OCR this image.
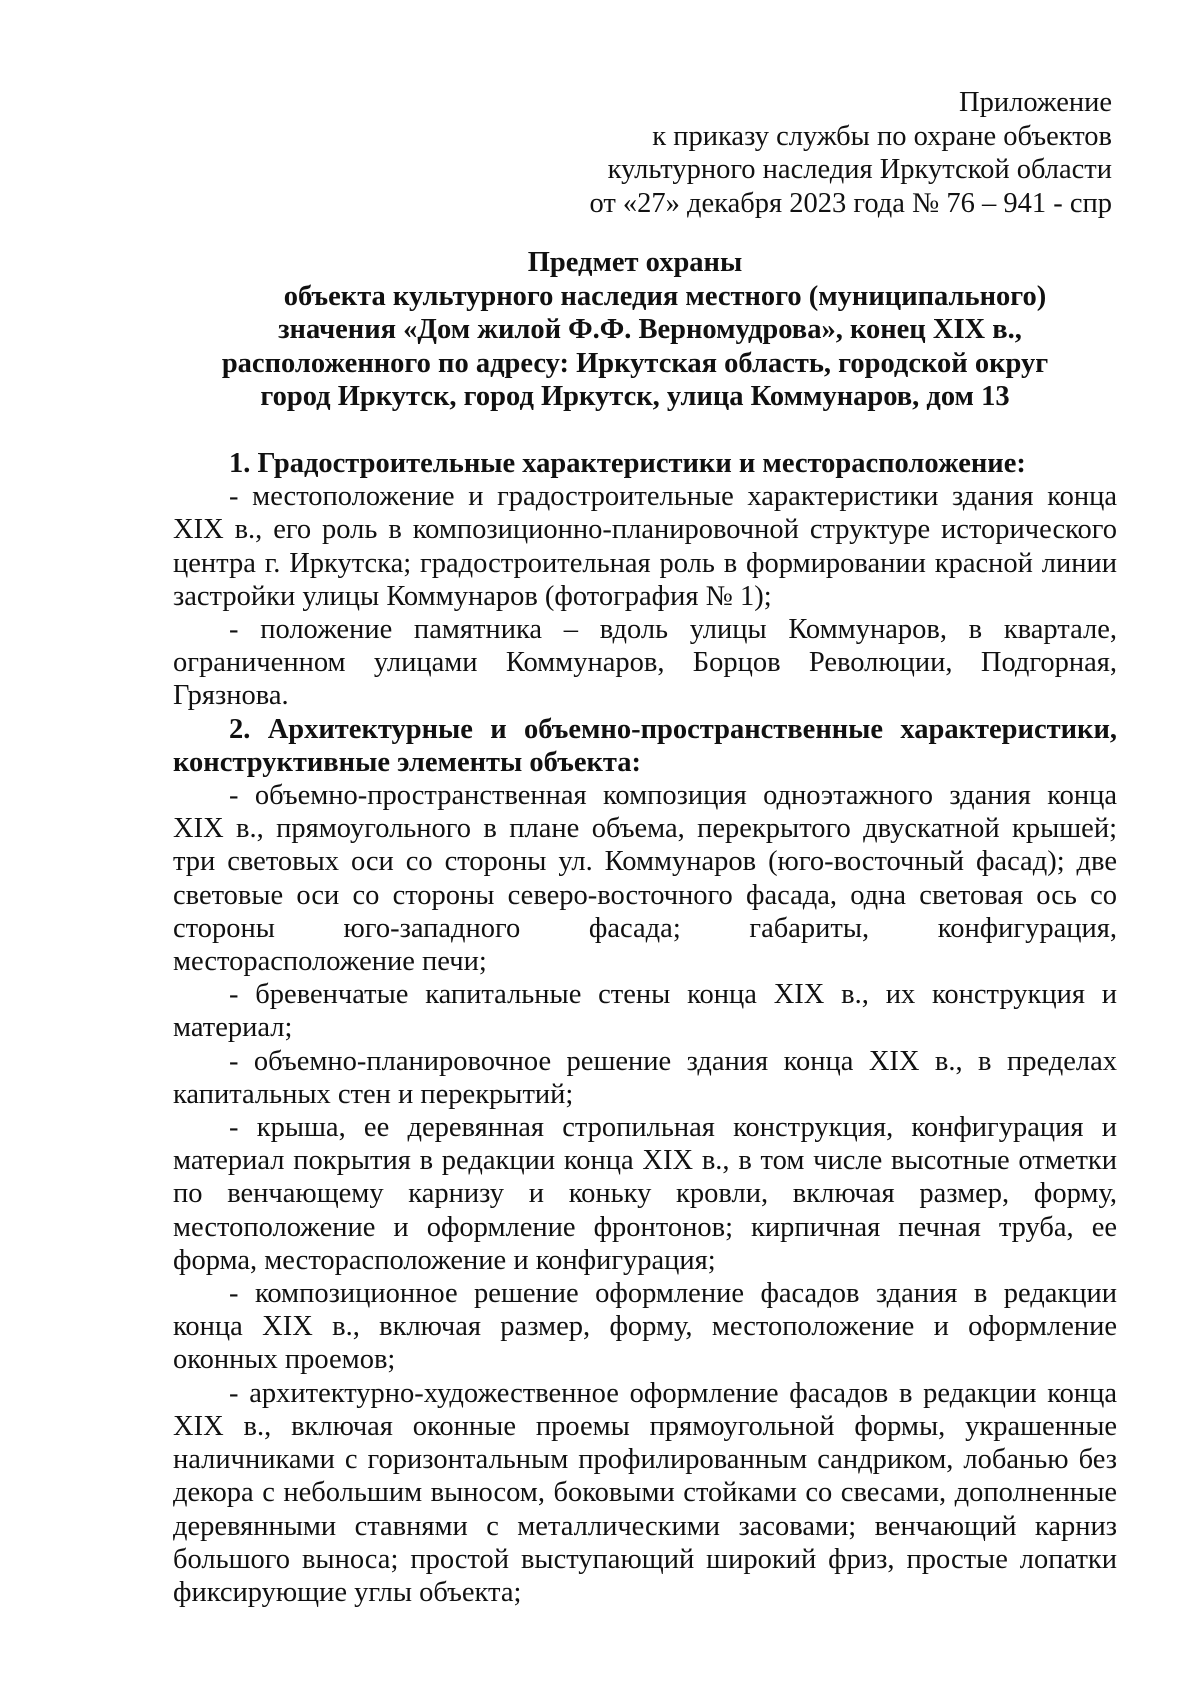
Приложение
к приказу службы по охране объектов
культурного наследия Иркутской области
от «27» декабря 2023 года № 76 – 941 - спр
Предмет охраны
объекта культурного наследия местного (муниципального)
значения «Дом жилой Ф.Ф. Верномудрова», конец XIX в.,
расположенного по адресу: Иркутская область, городской округ
город Иркутск, город Иркутск, улица Коммунаров, дом 13

1. Градостроительные характеристики и месторасположение:

- местоположение и градостроительные характеристики здания конца XIX в., его роль в композиционно-планировочной структуре исторического центра г. Иркутска; градостроительная роль в формировании красной линии застройки улицы Коммунаров (фотография № 1);

- положение памятника – вдоль улицы Коммунаров, в квартале, ограниченном улицами Коммунаров, Борцов Революции, Подгорная, Грязнова.

2. Архитектурные и объемно-пространственные характеристики, конструктивные элементы объекта:

- объемно-пространственная композиция одноэтажного здания конца XIX в., прямоугольного в плане объема, перекрытого двускатной крышей; три световых оси со стороны ул. Коммунаров (юго-восточный фасад); две световые оси со стороны северо-восточного фасада, одна световая ось со стороны юго-западного фасада; габариты, конфигурация, месторасположение печи;

- бревенчатые капитальные стены конца XIX в., их конструкция и материал;

- объемно-планировочное решение здания конца XIX в., в пределах капитальных стен и перекрытий;

- крыша, ее деревянная стропильная конструкция, конфигурация и материал покрытия в редакции конца XIX в., в том числе высотные отметки по венчающему карнизу и коньку кровли, включая размер, форму, местоположение и оформление фронтонов; кирпичная печная труба, ее форма, месторасположение и конфигурация;

- композиционное решение оформление фасадов здания в редакции конца XIX в., включая размер, форму, местоположение и оформление оконных проемов;

- архитектурно-художественное оформление фасадов в редакции конца XIX в., включая оконные проемы прямоугольной формы, украшенные наличниками с горизонтальным профилированным сандриком, лобанью без декора с небольшим выносом, боковыми стойками со свесами, дополненные деревянными ставнями с металлическими засовами; венчающий карниз большого выноса; простой выступающий широкий фриз, простые лопатки фиксирующие углы объекта;
